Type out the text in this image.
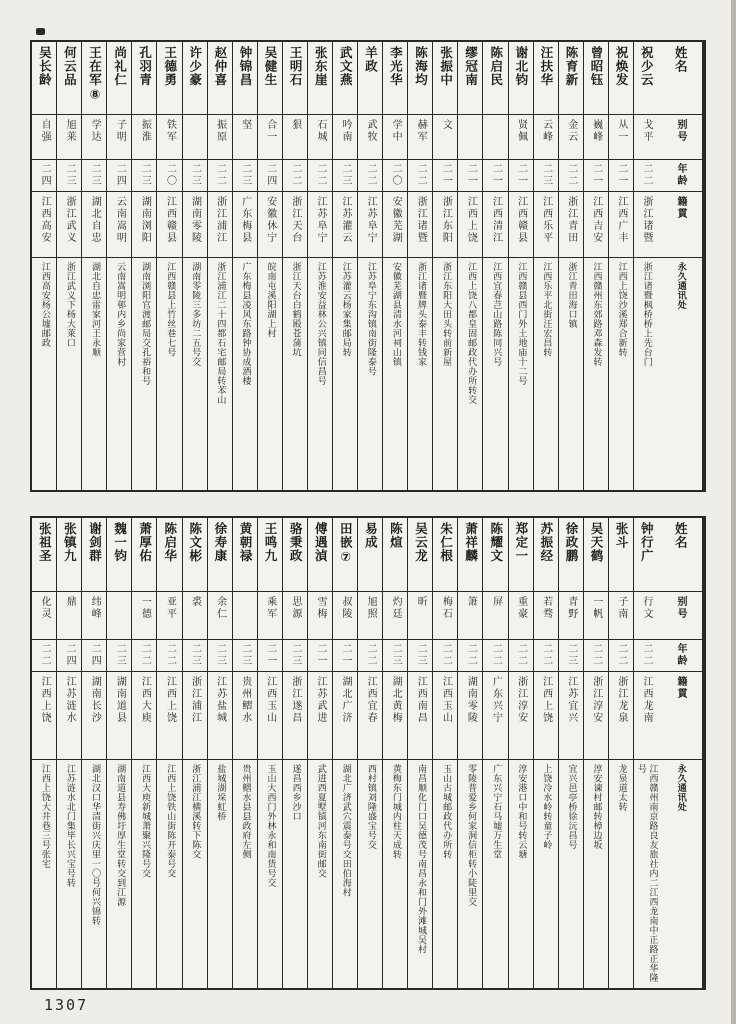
姓名
别号
年龄
籍貫
永久通讯处
祝少云
戈平
二二
浙江诸暨
浙江诸暨枫桥桥上先台门
祝焕发
从一
二一
江西广丰
江西上饶沙溪郑合新转
曾昭钰
巍峰
二一
江西吉安
江西赣州东郊路邓森发转
陈育新
金云
二二
浙江青田
浙江青田海口镇
汪扶华
云峰
二三
江西乐平
江西乐平北街汪宏昌转
谢北钧
贤佩
二一
江西赣县
江西赣县西门外土地庙十二号
陈启民
二一
江西清江
江西宜春芑山路陈同兴号
缪冠南
二一
江西上饶
江西上饶八都皇固邮政代办所转交
张振中
文
二一
浙江东阳
浙江东阳大田头转前新屋
陈海均
赫军
二二
浙江诸暨
浙江诸暨牌头泰丰转钱家
李光华
学中
二〇
安徽芜湖
安徽芜湖县清水河祠山镇
羊政
武牧
二二
江苏阜宁
江苏阜宁东沟镇南街隆泰号
武文燕
吟南
二三
江苏灌云
江苏灌云杨家集邮局转
张东崖
石城
二二
江苏阜宁
江苏淮安益林公兴镇同信昌号
王明石
狠
二二
浙江天台
浙江天台白鹤殿苍蒲坑
吴健生
合一
二四
安徽休宁
皖南屯溪阳湖上村
钟锦昌
坚
二三
广东梅县
广东梅县凌风东路钟协成酒楼
赵仲喜
振原
二二
浙江浦江
浙江浦江二十四都石宅邮局转苯山
许少豪
二三
湖南零陵
湖南零陵三多坊二五号交
王德勇
铁军
二〇
江西赣县
江西赣县上竹丝巷七号
孔羽青
振淮
二三
湖南浏阳
湖南浏阳官渡邮局交孔裕和号
尚礼仁
子明
二四
云南嵩明
云南嵩明邨内乡尚家营村
王在军⑧
学达
二三
湖北自忠
湖北自忠雷家河王永顺
何云品
旭莱
二三
浙江武义
浙江武义下杨大莱口
吴长龄
自强
二四
江西高安
江西高安杨公墟邮政
姓名
别号
年龄
籍貫
永久通讯处
钟行广
行文
二二
江西龙南
江西赣州南京路良友旅社内二江西龙南中正路正华隆号
张斗
子南
二二
浙江龙泉
龙泉道太转
吴天鹤
一帆
二二
浙江淳安
淳安谏村邮转樟边坂
徐政鹏
青野
二三
江苏宜兴
宜兴邑亭桥徐沅昌号
苏振经
若骛
二二
江西上饶
上饶冷水岭转童子岭
郑定一
重豪
二二
浙江淳安
淳安港口中和号转云塘
陈耀文
屏
二二
广东兴宁
广东兴宁石马墟万生堂
萧祥麟
箫
二二
湖南零陵
零陵普爱乡何家洞信柜转小陡里交
朱仁根
梅石
二二
江西玉山
玉山古城邮政代办所转
吴云龙
昕
二三
江西南昌
南昌顺化门口吴德茂号南昌永和门外滩城吴村
陈煊
灼廷
二三
湖北黄梅
黄梅东门城内柱天成转
易成
旭照
二二
江西宜春
西村镇刘隆盛宝号交
田嵌⑦
叔陵
二一
湖北广济
湖北广济武穴震泰号交田伯海村
傅遇湞
雪梅
二一
江苏武进
武进西夏墅镇河东南街邮交
骆秉政
思源
二三
浙江遂昌
遂昌西乡沙口
王鸣九
乘军
二一
江西玉山
玉山大西门外林永和南货号交
黄朝禄
二三
贵州鳛水
贵州鳛水县县政府左侧
徐寿康
余仁
二三
江苏盐城
盐城湖垛虹桥
陈文彬
裘
二三
浙江浦江
浙江浦江横溪转下陈交
陈启华
亚平
二二
江西上饶
江西上饶铁山街陈开泰号交
萧厚佑
一德
二二
江西大庾
江西大庾新城萧聚兴隆号交
魏一钧
二三
湖南道县
湖南道县寿佛圩厚生堂转交到江源
谢剑群
纬峰
二四
湖南长沙
湖北汉口华清街兴庆里一〇号何兴锦转
张镇九
鼎
二四
江苏涟水
江苏涟水北门集毕长兴宝号转
张祖圣
化灵
二二
江西上饶
江西上饶大井巷三号张宅
1307
